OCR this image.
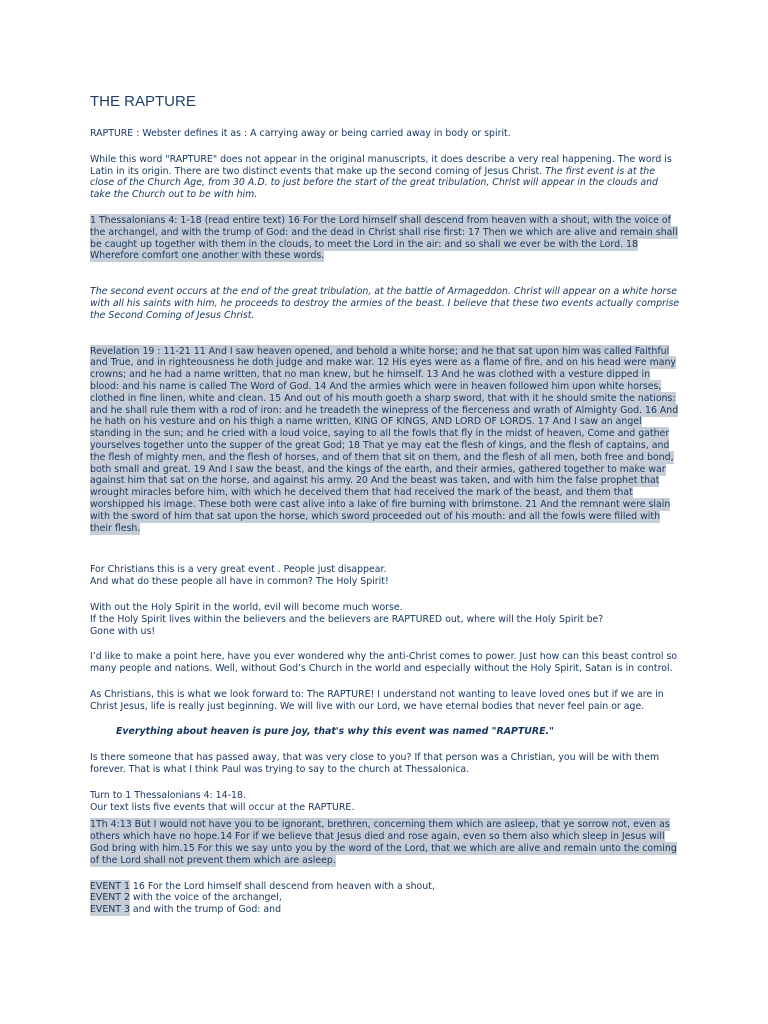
THE RAPTURE

RAPTURE : Webster defines it as : A carrying away or being carried away in body or spirit.

While this word "RAPTURE" does not appear in the original manuscripts, it does describe a very real happening. The word is Latin in its origin. There are two distinct events that make up the second coming of Jesus Christ. The first event is at the close of the Church Age, from 30 A.D. to just before the start of the great tribulation, Christ will appear in the clouds and take the Church out to be with him.

1 Thessalonians 4: 1-18 (read entire text) 16 For the Lord himself shall descend from heaven with a shout, with the voice of the archangel, and with the trump of God: and the dead in Christ shall rise first: 17 Then we which are alive and remain shall be caught up together with them in the clouds, to meet the Lord in the air: and so shall we ever be with the Lord. 18 Wherefore comfort one another with these words.

The second event occurs at the end of the great tribulation, at the battle of Armageddon. Christ will appear on a white horse with all his saints with him, he proceeds to destroy the armies of the beast. I believe that these two events actually comprise the Second Coming of Jesus Christ.

Revelation 19 : 11-21 11 And I saw heaven opened, and behold a white horse; and he that sat upon him was called Faithful and True, and in righteousness he doth judge and make war. 12 His eyes were as a flame of fire, and on his head were many crowns; and he had a name written, that no man knew, but he himself. 13 And he was clothed with a vesture dipped in blood: and his name is called The Word of God. 14 And the armies which were in heaven followed him upon white horses, clothed in fine linen, white and clean. 15 And out of his mouth goeth a sharp sword, that with it he should smite the nations: and he shall rule them with a rod of iron: and he treadeth the winepress of the fierceness and wrath of Almighty God. 16 And he hath on his vesture and on his thigh a name written, KING OF KINGS, AND LORD OF LORDS. 17 And I saw an angel standing in the sun; and he cried with a loud voice, saying to all the fowls that fly in the midst of heaven, Come and gather yourselves together unto the supper of the great God; 18 That ye may eat the flesh of kings, and the flesh of captains, and the flesh of mighty men, and the flesh of horses, and of them that sit on them, and the flesh of all men, both free and bond, both small and great. 19 And I saw the beast, and the kings of the earth, and their armies, gathered together to make war against him that sat on the horse, and against his army. 20 And the beast was taken, and with him the false prophet that wrought miracles before him, with which he deceived them that had received the mark of the beast, and them that worshipped his image. These both were cast alive into a lake of fire burning with brimstone. 21 And the remnant were slain with the sword of him that sat upon the horse, which sword proceeded out of his mouth: and all the fowls were filled with their flesh.

For Christians this is a very great event . People just disappear.
And what do these people all have in common? The Holy Spirit!

With out the Holy Spirit in the world, evil will become much worse.
If the Holy Spirit lives within the believers and the believers are RAPTURED out, where will the Holy Spirit be?
Gone with us!

I’d like to make a point here, have you ever wondered why the anti-Christ comes to power. Just how can this beast control so many people and nations. Well, without God’s Church in the world and especially without the Holy Spirit, Satan is in control.

As Christians, this is what we look forward to: The RAPTURE! I understand not wanting to leave loved ones but if we are in Christ Jesus, life is really just beginning. We will live with our Lord, we have eternal bodies that never feel pain or age.

Everything about heaven is pure joy, that's why this event was named "RAPTURE."

Is there someone that has passed away, that was very close to you? If that person was a Christian, you will be with them forever. That is what I think Paul was trying to say to the church at Thessalonica.

Turn to 1 Thessalonians 4: 14-18.
Our text lists five events that will occur at the RAPTURE.

1Th 4:13 But I would not have you to be ignorant, brethren, concerning them which are asleep, that ye sorrow not, even as others which have no hope.14 For if we believe that Jesus died and rose again, even so them also which sleep in Jesus will God bring with him.15 For this we say unto you by the word of the Lord, that we which are alive and remain unto the coming of the Lord shall not prevent them which are asleep.

EVENT 1 16 For the Lord himself shall descend from heaven with a shout,
EVENT 2 with the voice of the archangel,
EVENT 3 and with the trump of God: and
